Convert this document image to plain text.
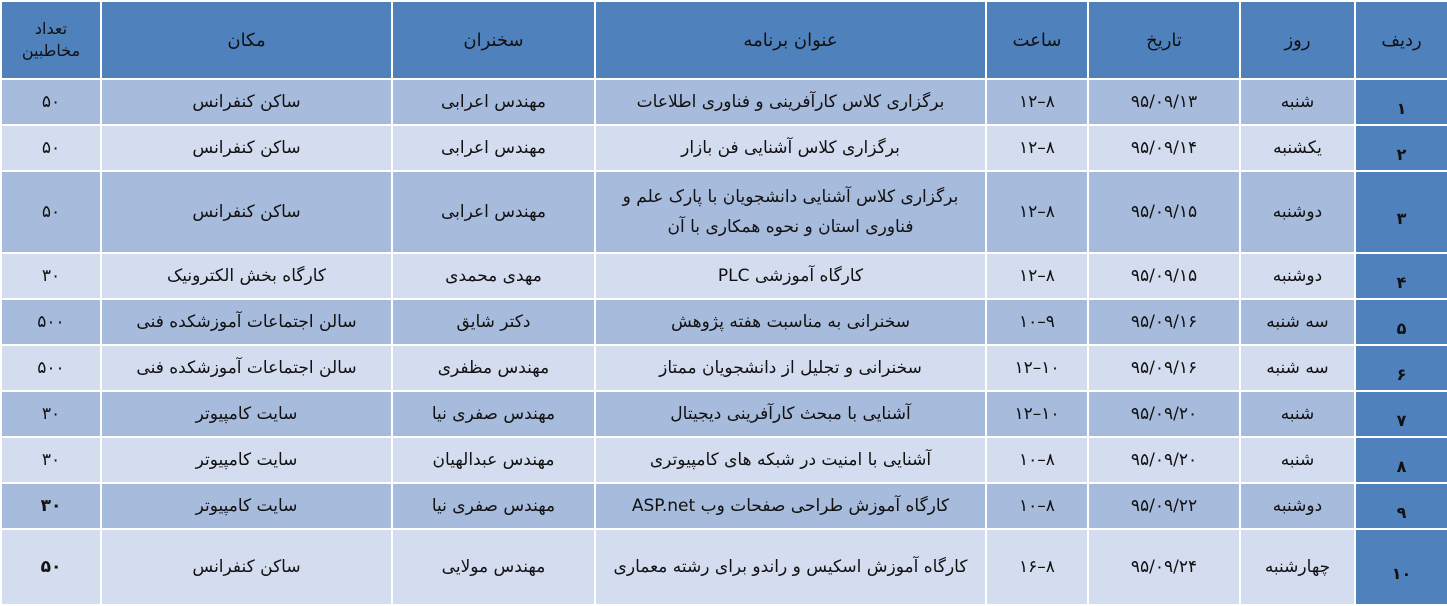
ردیف	روز	تاریخ	ساعت	عنوان برنامه	سخنران	مکان	تعداد مخاطبین
۱	شنبه	۹۵/۰۹/۱۳	۱۲–۸	برگزاری کلاس کارآفرینی و فناوری اطلاعات	مهندس اعرابی	ساکن کنفرانس	۵۰
۲	یکشنبه	۹۵/۰۹/۱۴	۱۲–۸	برگزاری کلاس آشنایی فن بازار	مهندس اعرابی	ساکن کنفرانس	۵۰
۳	دوشنبه	۹۵/۰۹/۱۵	۱۲–۸	برگزاری کلاس آشنایی دانشجویان با پارک علم و فناوری استان و نحوه همکاری با آن	مهندس اعرابی	ساکن کنفرانس	۵۰
۴	دوشنبه	۹۵/۰۹/۱۵	۱۲–۸	کارگاه آموزشی PLC	مهدی محمدی	کارگاه بخش الکترونیک	۳۰
۵	سه شنبه	۹۵/۰۹/۱۶	۱۰–۹	سخنرانی به مناسبت هفته پژوهش	دکتر شایق	سالن اجتماعات آموزشکده فنی	۵۰۰
۶	سه شنبه	۹۵/۰۹/۱۶	۱۲–۱۰	سخنرانی و تجلیل از دانشجویان ممتاز	مهندس مظفری	سالن اجتماعات آموزشکده فنی	۵۰۰
۷	شنبه	۹۵/۰۹/۲۰	۱۲–۱۰	آشنایی با مبحث کارآفرینی دیجیتال	مهندس صفری نیا	سایت کامپیوتر	۳۰
۸	شنبه	۹۵/۰۹/۲۰	۱۰–۸	آشنایی با امنیت در شبکه های کامپیوتری	مهندس عبدالهیان	سایت کامپیوتر	۳۰
۹	دوشنبه	۹۵/۰۹/۲۲	۱۰–۸	کارگاه آموزش طراحی صفحات وب ASP.net	مهندس صفری نیا	سایت کامپیوتر	۳۰
۱۰	چهارشنبه	۹۵/۰۹/۲۴	۱۶–۸	کارگاه آموزش اسکیس و راندو برای رشته معماری	مهندس مولایی	ساکن کنفرانس	۵۰
